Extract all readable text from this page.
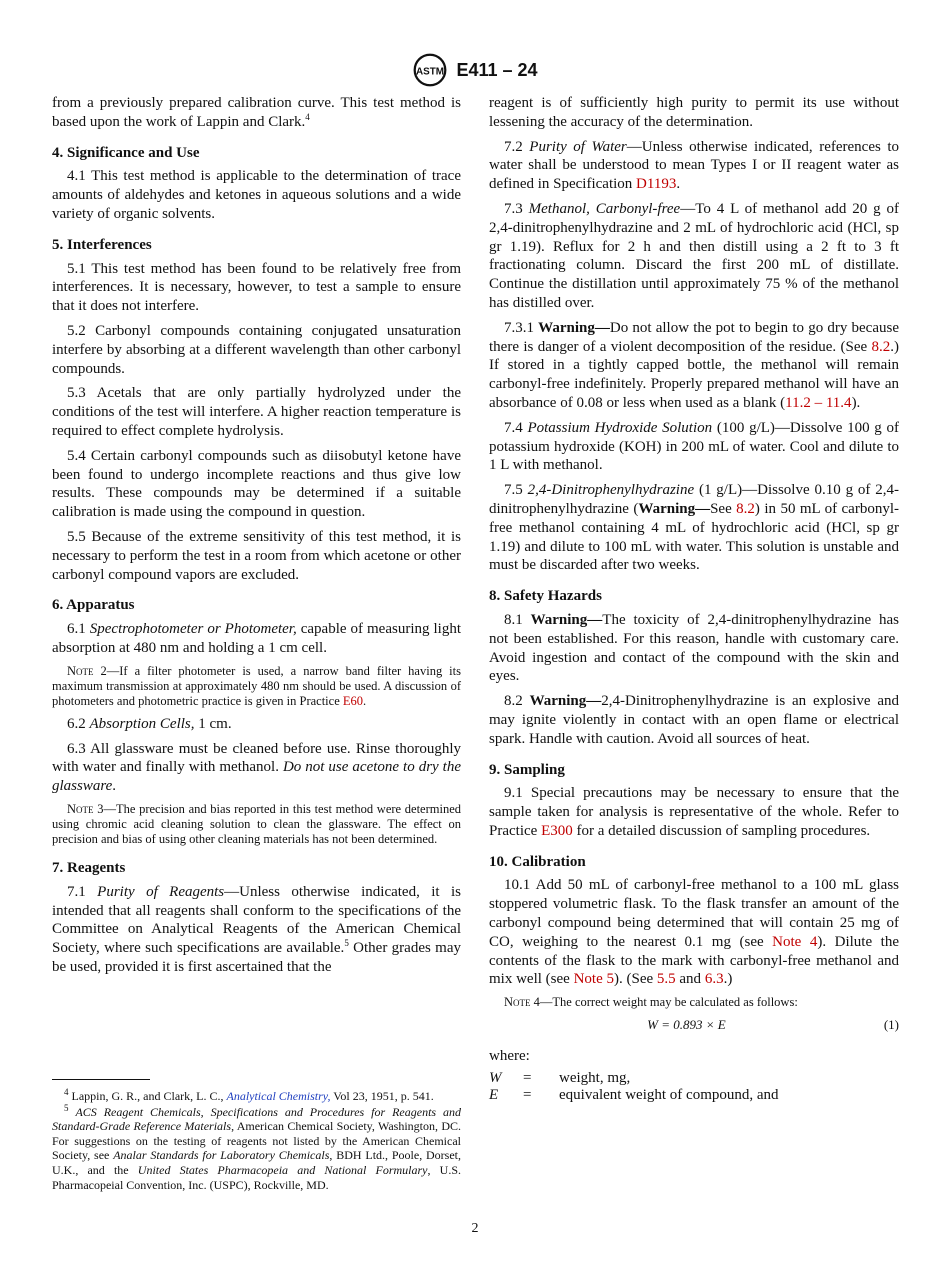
ASTM E411 – 24

from a previously prepared calibration curve. This test method is based upon the work of Lappin and Clark.$^4$

4. Significance and Use

4.1 This test method is applicable to the determination of trace amounts of aldehydes and ketones in aqueous solutions and a wide variety of organic solvents.

5. Interferences

5.1 This test method has been found to be relatively free from interferences. It is necessary, however, to test a sample to ensure that it does not interfere.

5.2 Carbonyl compounds containing conjugated unsaturation interfere by absorbing at a different wavelength than other carbonyl compounds.

5.3 Acetals that are only partially hydrolyzed under the conditions of the test will interfere. A higher reaction temperature is required to effect complete hydrolysis.

5.4 Certain carbonyl compounds such as diisobutyl ketone have been found to undergo incomplete reactions and thus give low results. These compounds may be determined if a suitable calibration is made using the compound in question.

5.5 Because of the extreme sensitivity of this test method, it is necessary to perform the test in a room from which acetone or other carbonyl compound vapors are excluded.

6. Apparatus

6.1 Spectrophotometer or Photometer, capable of measuring light absorption at 480 nm and holding a 1 cm cell.

Note 2—If a filter photometer is used, a narrow band filter having its maximum transmission at approximately 480 nm should be used. A discussion of photometers and photometric practice is given in Practice E60.

6.2 Absorption Cells, 1 cm.

6.3 All glassware must be cleaned before use. Rinse thoroughly with water and finally with methanol. Do not use acetone to dry the glassware.

Note 3—The precision and bias reported in this test method were determined using chromic acid cleaning solution to clean the glassware. The effect on precision and bias of using other cleaning materials has not been determined.
7. Reagents

7.1 Purity of Reagents—Unless otherwise indicated, it is intended that all reagents shall conform to the specifications of the Committee on Analytical Reagents of the American Chemical Society, where such specifications are available.$^5$ Other grades may be used, provided it is first ascertained that the

$^4$ Lappin, G. R., and Clark, L. C., Analytical Chemistry, Vol 23, 1951, p. 541.

$^5$ ACS Reagent Chemicals, Specifications and Procedures for Reagents and Standard-Grade Reference Materials, American Chemical Society, Washington, DC. For suggestions on the testing of reagents not listed by the American Chemical Society, see Analar Standards for Laboratory Chemicals, BDH Ltd., Poole, Dorset, U.K., and the United States Pharmacopeia and National Formulary, U.S. Pharmacopeial Convention, Inc. (USPC), Rockville, MD.

reagent is of sufficiently high purity to permit its use without lessening the accuracy of the determination.

7.2 Purity of Water—Unless otherwise indicated, references to water shall be understood to mean Types I or II reagent water as defined in Specification D1193.

7.3 Methanol, Carbonyl-free—To 4 L of methanol add 20 g of 2,4-dinitrophenylhydrazine and 2 mL of hydrochloric acid (HCl, sp gr 1.19). Reflux for 2 h and then distill using a 2 ft to 3 ft fractionating column. Discard the first 200 mL of distillate. Continue the distillation until approximately 75 % of the methanol has distilled over.

7.3.1 Warning—Do not allow the pot to begin to go dry because there is danger of a violent decomposition of the residue. (See 8.2.) If stored in a tightly capped bottle, the methanol will remain carbonyl-free indefinitely. Properly prepared methanol will have an absorbance of 0.08 or less when used as a blank (11.2 – 11.4).

7.4 Potassium Hydroxide Solution (100 g/L)—Dissolve 100 g of potassium hydroxide (KOH) in 200 mL of water. Cool and dilute to 1 L with methanol.

7.5 2,4-Dinitrophenylhydrazine (1 g/L)—Dissolve 0.10 g of 2,4-dinitrophenylhydrazine (Warning—See 8.2) in 50 mL of carbonyl-free methanol containing 4 mL of hydrochloric acid (HCl, sp gr 1.19) and dilute to 100 mL with water. This solution is unstable and must be discarded after two weeks.

8. Safety Hazards

8.1 Warning—The toxicity of 2,4-dinitrophenylhydrazine has not been established. For this reason, handle with customary care. Avoid ingestion and contact of the compound with the skin and eyes.

8.2 Warning—2,4-Dinitrophenylhydrazine is an explosive and may ignite violently in contact with an open flame or electrical spark. Handle with caution. Avoid all sources of heat.

9. Sampling

9.1 Special precautions may be necessary to ensure that the sample taken for analysis is representative of the whole. Refer to Practice E300 for a detailed discussion of sampling procedures.

10. Calibration

10.1 Add 50 mL of carbonyl-free methanol to a 100 mL glass stoppered volumetric flask. To the flask transfer an amount of the carbonyl compound being determined that will contain 25 mg of CO, weighing to the nearest 0.1 mg (see Note 4). Dilute the contents of the flask to the mark with carbonyl-free methanol and mix well (see Note 5). (See 5.5 and 6.3.)

Note 4—The correct weight may be calculated as follows:
W = 0.893 × E	(1)
where:
W	=	weight, mg,
E	=	equivalent weight of compound, and
2
